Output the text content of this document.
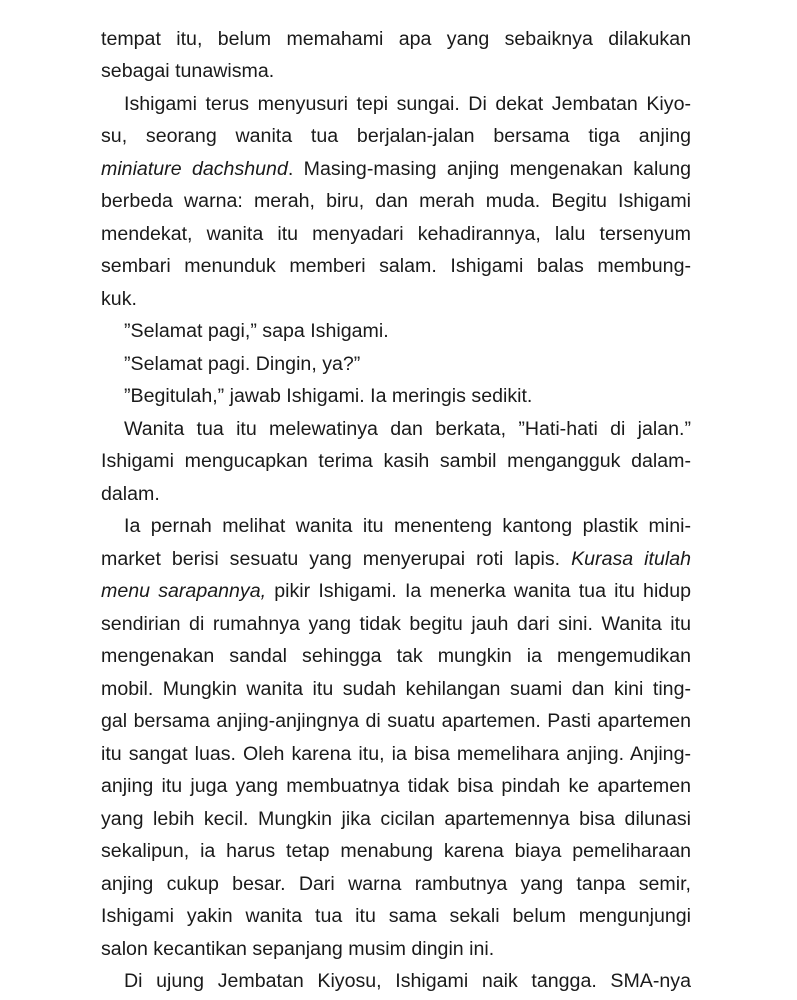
tempat itu, belum memahami apa yang sebaiknya dilakukan
sebagai tunawisma.
Ishigami terus menyusuri tepi sungai. Di dekat Jembatan Kiyo-
su, seorang wanita tua berjalan-jalan bersama tiga anjing
miniature dachshund. Masing-masing anjing mengenakan kalung
berbeda warna: merah, biru, dan merah muda. Begitu Ishigami
mendekat, wanita itu menyadari kehadirannya, lalu tersenyum
sembari menunduk memberi salam. Ishigami balas membung-
kuk.
”Selamat pagi,” sapa Ishigami.
”Selamat pagi. Dingin, ya?”
”Begitulah,” jawab Ishigami. Ia meringis sedikit.
Wanita tua itu melewatinya dan berkata, ”Hati-hati di jalan.”
Ishigami mengucapkan terima kasih sambil mengangguk dalam-
dalam.
Ia pernah melihat wanita itu menenteng kantong plastik mini-
market berisi sesuatu yang menyerupai roti lapis. Kurasa itulah
menu sarapannya, pikir Ishigami. Ia menerka wanita tua itu hidup
sendirian di rumahnya yang tidak begitu jauh dari sini. Wanita itu
mengenakan sandal sehingga tak mungkin ia mengemudikan
mobil. Mungkin wanita itu sudah kehilangan suami dan kini ting-
gal bersama anjing-anjingnya di suatu apartemen. Pasti apartemen
itu sangat luas. Oleh karena itu, ia bisa memelihara anjing. Anjing-
anjing itu juga yang membuatnya tidak bisa pindah ke apartemen
yang lebih kecil. Mungkin jika cicilan apartemennya bisa dilunasi
sekalipun, ia harus tetap menabung karena biaya pemeliharaan
anjing cukup besar. Dari warna rambutnya yang tanpa semir,
Ishigami yakin wanita tua itu sama sekali belum mengunjungi
salon kecantikan sepanjang musim dingin ini.
Di ujung Jembatan Kiyosu, Ishigami naik tangga. SMA-nya
